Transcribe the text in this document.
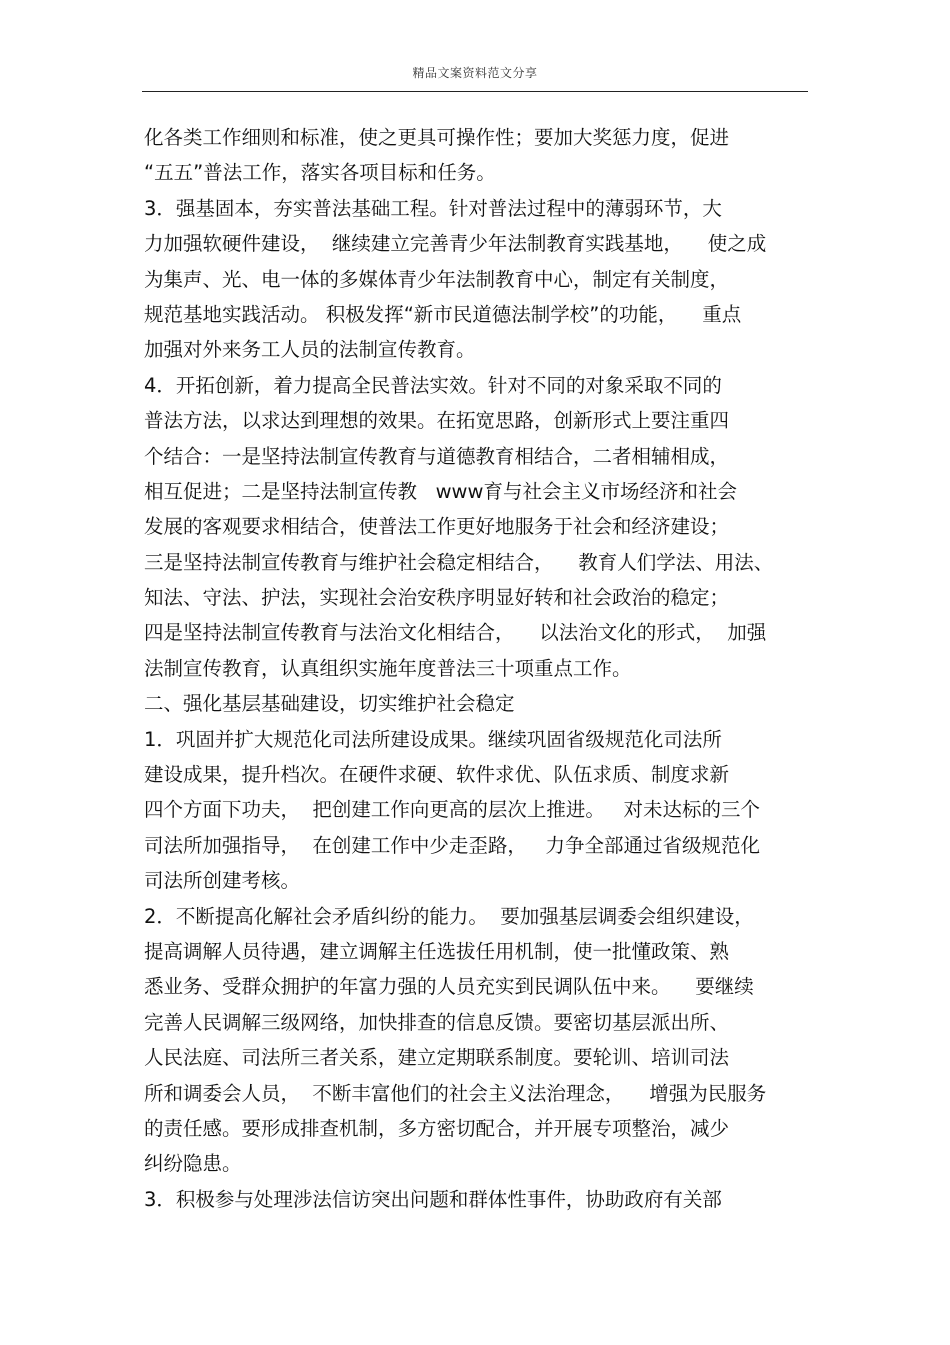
精品文案资料范文分享
化各类工作细则和标准，使之更具可操作性；要加大奖惩力度，促进
“五五”普法工作，落实各项目标和任务。
3．强基固本，夯实普法基础工程。针对普法过程中的薄弱环节，大
力加强软硬件建设，  继续建立完善青少年法制教育实践基地，    使之成
为集声、光、电一体的多媒体青少年法制教育中心，制定有关制度，
规范基地实践活动。 积极发挥“新市民道德法制学校”的功能，    重点
加强对外来务工人员的法制宣传教育。
4．开拓创新，着力提高全民普法实效。针对不同的对象采取不同的
普法方法，以求达到理想的效果。在拓宽思路，创新形式上要注重四
个结合：一是坚持法制宣传教育与道德教育相结合，二者相辅相成，
相互促进；二是坚持法制宣传教   www育与社会主义市场经济和社会
发展的客观要求相结合，使普法工作更好地服务于社会和经济建设；
三是坚持法制宣传教育与维护社会稳定相结合，    教育人们学法、用法、
知法、守法、护法，实现社会治安秩序明显好转和社会政治的稳定；
四是坚持法制宣传教育与法治文化相结合，    以法治文化的形式，  加强
法制宣传教育，认真组织实施年度普法三十项重点工作。
二、强化基层基础建设，切实维护社会稳定
1．巩固并扩大规范化司法所建设成果。继续巩固省级规范化司法所
建设成果，提升档次。在硬件求硬、软件求优、队伍求质、制度求新
四个方面下功夫，  把创建工作向更高的层次上推进。   对未达标的三个
司法所加强指导，  在创建工作中少走歪路，   力争全部通过省级规范化
司法所创建考核。
2．不断提高化解社会矛盾纠纷的能力。  要加强基层调委会组织建设，
提高调解人员待遇，建立调解主任选拔任用机制，使一批懂政策、熟
悉业务、受群众拥护的年富力强的人员充实到民调队伍中来。    要继续
完善人民调解三级网络，加快排查的信息反馈。要密切基层派出所、
人民法庭、司法所三者关系，建立定期联系制度。要轮训、培训司法
所和调委会人员，  不断丰富他们的社会主义法治理念，    增强为民服务
的责任感。要形成排查机制，多方密切配合，并开展专项整治，减少
纠纷隐患。
3．积极参与处理涉法信访突出问题和群体性事件，协助政府有关部
